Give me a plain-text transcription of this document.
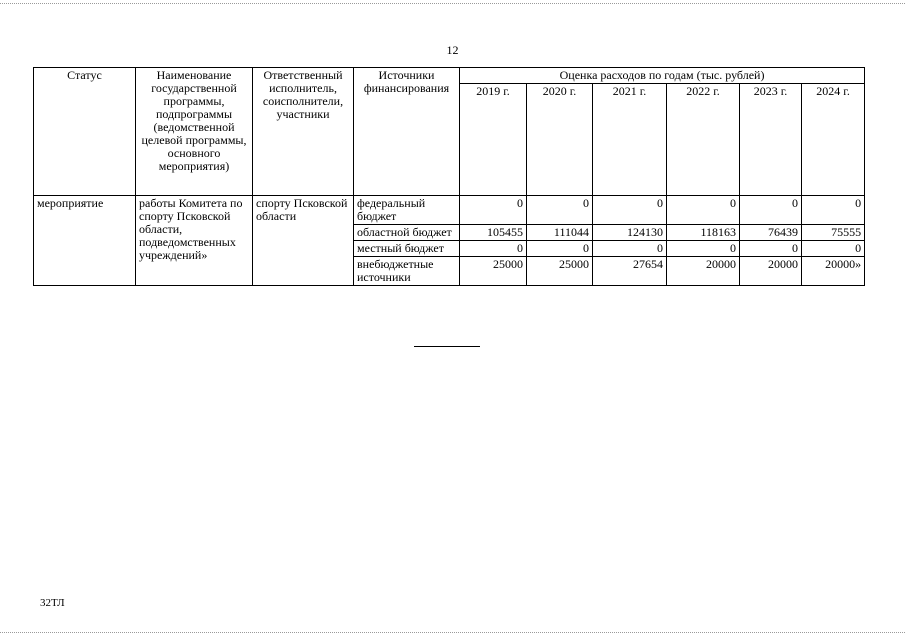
12
Статус	Наименование государственной программы, подпрограммы (ведомственной целевой программы, основного мероприятия)	Ответственный исполнитель, соисполнители, участники	Источники финансирования	Оценка расходов по годам (тыс. рублей)					
				2019 г.	2020 г.	2021 г.	2022 г.	2023 г.	2024 г.
мероприятие	работы Комитета по спорту Псковской области, подведомственных учреждений»	спорту Псковской области	федеральный бюджет	0	0	0	0	0	0
			областной бюджет	105455	111044	124130	118163	76439	75555
			местный бюджет	0	0	0	0	0	0
			внебюджетные источники	25000	25000	27654	20000	20000	20000»
32ТЛ
